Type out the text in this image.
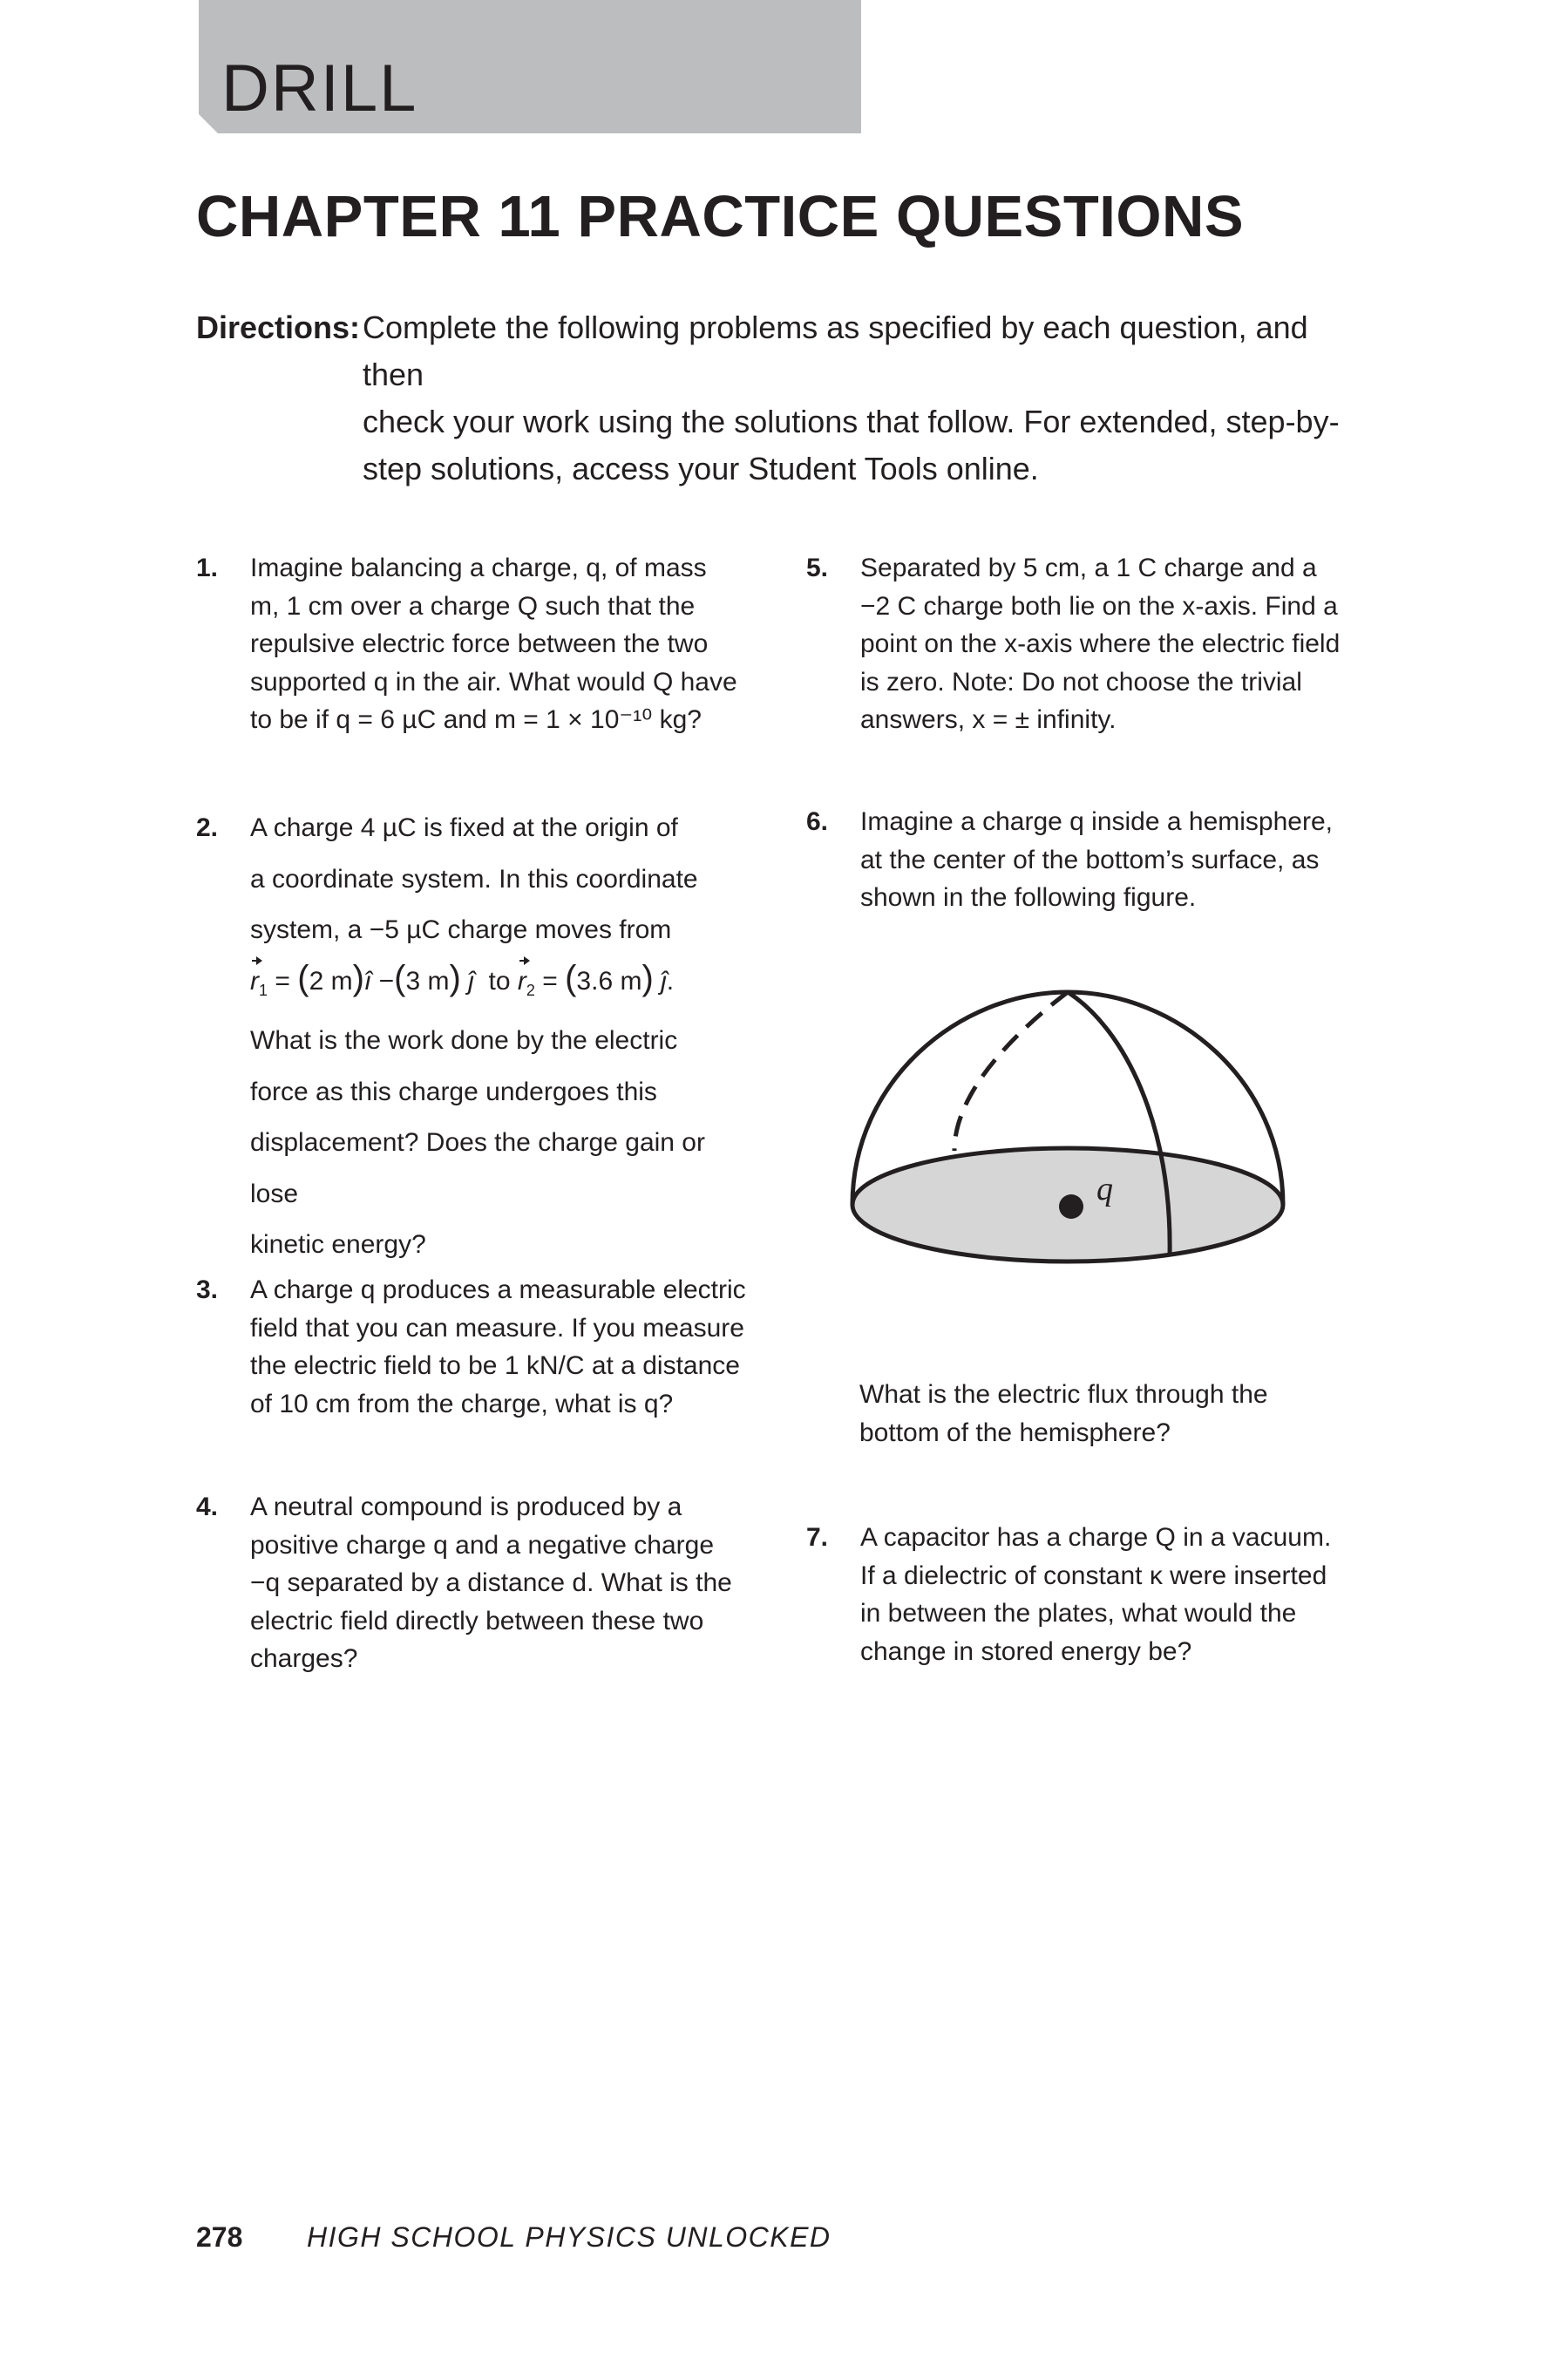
DRILL
CHAPTER 11 PRACTICE QUESTIONS
Directions: Complete the following problems as specified by each question, and then
check your work using the solutions that follow. For extended, step-by-
step solutions, access your Student Tools online.
1. Imagine balancing a charge, q, of mass
m, 1 cm over a charge Q such that the
repulsive electric force between the two
supported q in the air. What would Q have
to be if q = 6 µC and m = 1 × 10⁻¹⁰ kg?
2. A charge 4 µC is fixed at the origin of
a coordinate system. In this coordinate
system, a −5 µC charge moves from
$r_1 = (2$ m)î −(3 m) ĵ to $r_2 = (3.6$ m) ĵ.
What is the work done by the electric
force as this charge undergoes this
displacement? Does the charge gain or lose
kinetic energy?
3. A charge q produces a measurable electric
field that you can measure. If you measure
the electric field to be 1 kN/C at a distance
of 10 cm from the charge, what is q?
4. A neutral compound is produced by a
positive charge q and a negative charge
−q separated by a distance d. What is the
electric field directly between these two
charges?
5. Separated by 5 cm, a 1 C charge and a
−2 C charge both lie on the x-axis. Find a
point on the x-axis where the electric field
is zero. Note: Do not choose the trivial
answers, x = ± infinity.
6. Imagine a charge q inside a hemisphere,
at the center of the bottom’s surface, as
shown in the following figure.
q
What is the electric flux through the
bottom of the hemisphere?
7. A capacitor has a charge Q in a vacuum.
If a dielectric of constant κ were inserted
in between the plates, what would the
change in stored energy be?
278 HIGH SCHOOL PHYSICS UNLOCKED
